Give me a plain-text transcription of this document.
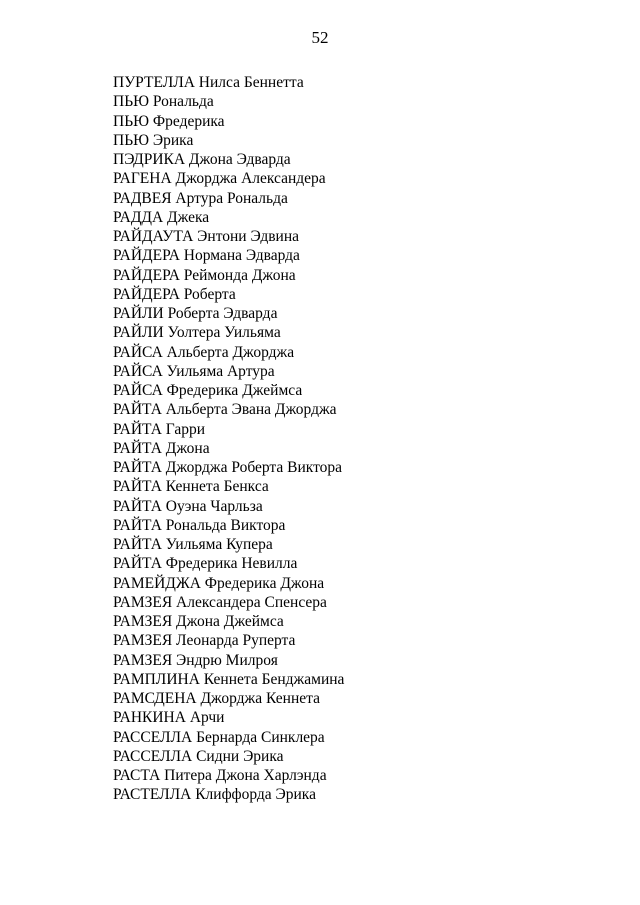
52
ПУРТЕЛЛА Нилса Беннетта
ПЬЮ Рональда
ПЬЮ Фредерика
ПЬЮ Эрика
ПЭДРИКА Джона Эдварда
РАГЕНА Джорджа Александера
РАДВЕЯ Артура Рональда
РАДДА Джека
РАЙДАУТА Энтони Эдвина
РАЙДЕРА Нормана Эдварда
РАЙДЕРА Реймонда Джона
РАЙДЕРА Роберта
РАЙЛИ Роберта Эдварда
РАЙЛИ Уолтера Уильяма
РАЙСА Альберта Джорджа
РАЙСА Уильяма Артура
РАЙСА Фредерика Джеймса
РАЙТА Альберта Эвана Джорджа
РАЙТА Гарри
РАЙТА Джона
РАЙТА Джорджа Роберта Виктора
РАЙТА Кеннета Бенкса
РАЙТА Оуэна Чарльза
РАЙТА Рональда Виктора
РАЙТА Уильяма Купера
РАЙТА Фредерика Невилла
РАМЕЙДЖА Фредерика Джона
РАМЗЕЯ Александера Спенсера
РАМЗЕЯ Джона Джеймса
РАМЗЕЯ Леонарда Руперта
РАМЗЕЯ Эндрю Милроя
РАМПЛИНА Кеннета Бенджамина
РАМСДЕНА Джорджа Кеннета
РАНКИНА Арчи
РАССЕЛЛА Бернарда Синклера
РАССЕЛЛА Сидни Эрика
РАСТА Питера Джона Харлэнда
РАСТЕЛЛА Клиффорда Эрика
